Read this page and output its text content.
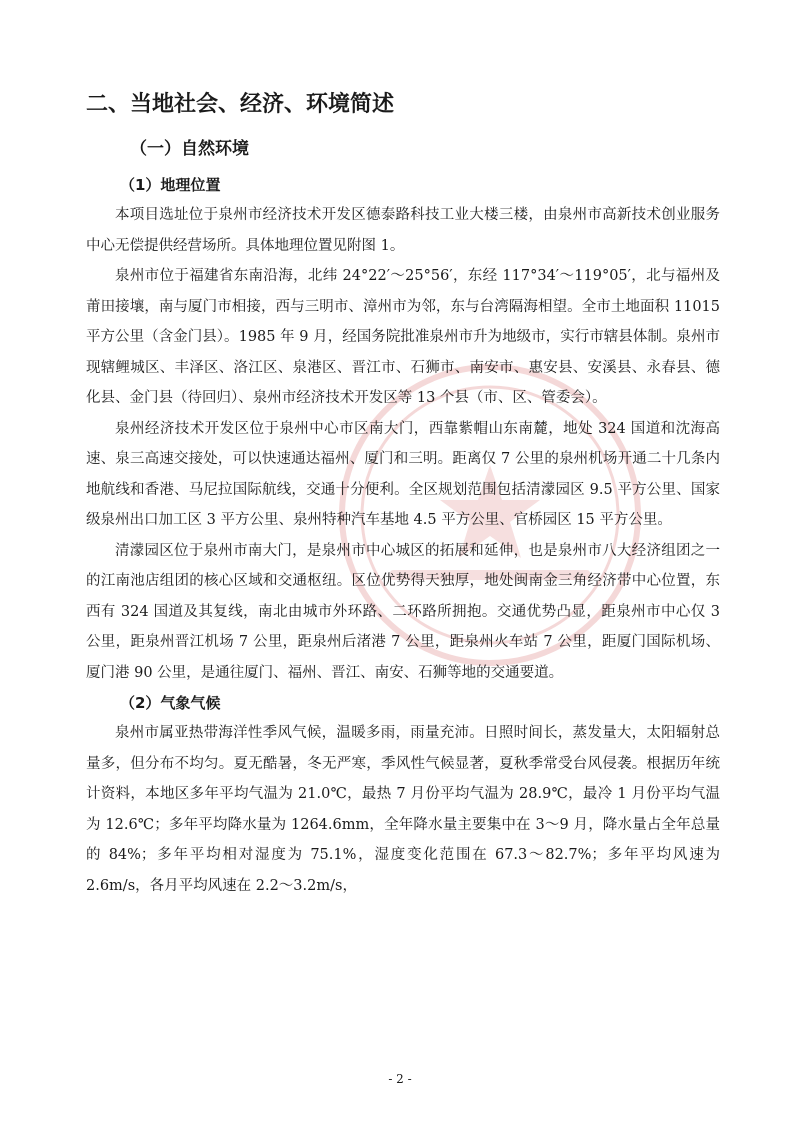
二、当地社会、经济、环境简述
（一）自然环境
（1）地理位置

本项目选址位于泉州市经济技术开发区德泰路科技工业大楼三楼，由泉州市高新技术创业服务中心无偿提供经营场所。具体地理位置见附图 1。

泉州市位于福建省东南沿海，北纬 24°22′～25°56′，东经 117°34′～119°05′，北与福州及莆田接壤，南与厦门市相接，西与三明市、漳州市为邻，东与台湾隔海相望。全市土地面积 11015 平方公里（含金门县）。1985 年 9 月，经国务院批准泉州市升为地级市，实行市辖县体制。泉州市现辖鲤城区、丰泽区、洛江区、泉港区、晋江市、石狮市、南安市、惠安县、安溪县、永春县、德化县、金门县（待回归）、泉州市经济技术开发区等 13 个县（市、区、管委会）。

泉州经济技术开发区位于泉州中心市区南大门，西靠紫帽山东南麓，地处 324 国道和沈海高速、泉三高速交接处，可以快速通达福州、厦门和三明。距离仅 7 公里的泉州机场开通二十几条内地航线和香港、马尼拉国际航线，交通十分便利。全区规划范围包括清濛园区 9.5 平方公里、国家级泉州出口加工区 3 平方公里、泉州特种汽车基地 4.5 平方公里、官桥园区 15 平方公里。

清濛园区位于泉州市南大门，是泉州市中心城区的拓展和延伸，也是泉州市八大经济组团之一的江南池店组团的核心区域和交通枢纽。区位优势得天独厚，地处闽南金三角经济带中心位置，东西有 324 国道及其复线，南北由城市外环路、二环路所拥抱。交通优势凸显，距泉州市中心仅 3 公里，距泉州晋江机场 7 公里，距泉州后渚港 7 公里，距泉州火车站 7 公里，距厦门国际机场、厦门港 90 公里，是通往厦门、福州、晋江、南安、石狮等地的交通要道。

（2）气象气候

泉州市属亚热带海洋性季风气候，温暖多雨，雨量充沛。日照时间长，蒸发量大，太阳辐射总量多，但分布不均匀。夏无酷暑，冬无严寒，季风性气候显著，夏秋季常受台风侵袭。根据历年统计资料，本地区多年平均气温为 21.0℃，最热 7 月份平均气温为 28.9℃，最冷 1 月份平均气温为 12.6℃；多年平均降水量为 1264.6mm，全年降水量主要集中在 3～9 月，降水量占全年总量的 84%；多年平均相对湿度为 75.1%，湿度变化范围在 67.3～82.7%；多年平均风速为 2.6m/s，各月平均风速在 2.2～3.2m/s，

- 2 -
